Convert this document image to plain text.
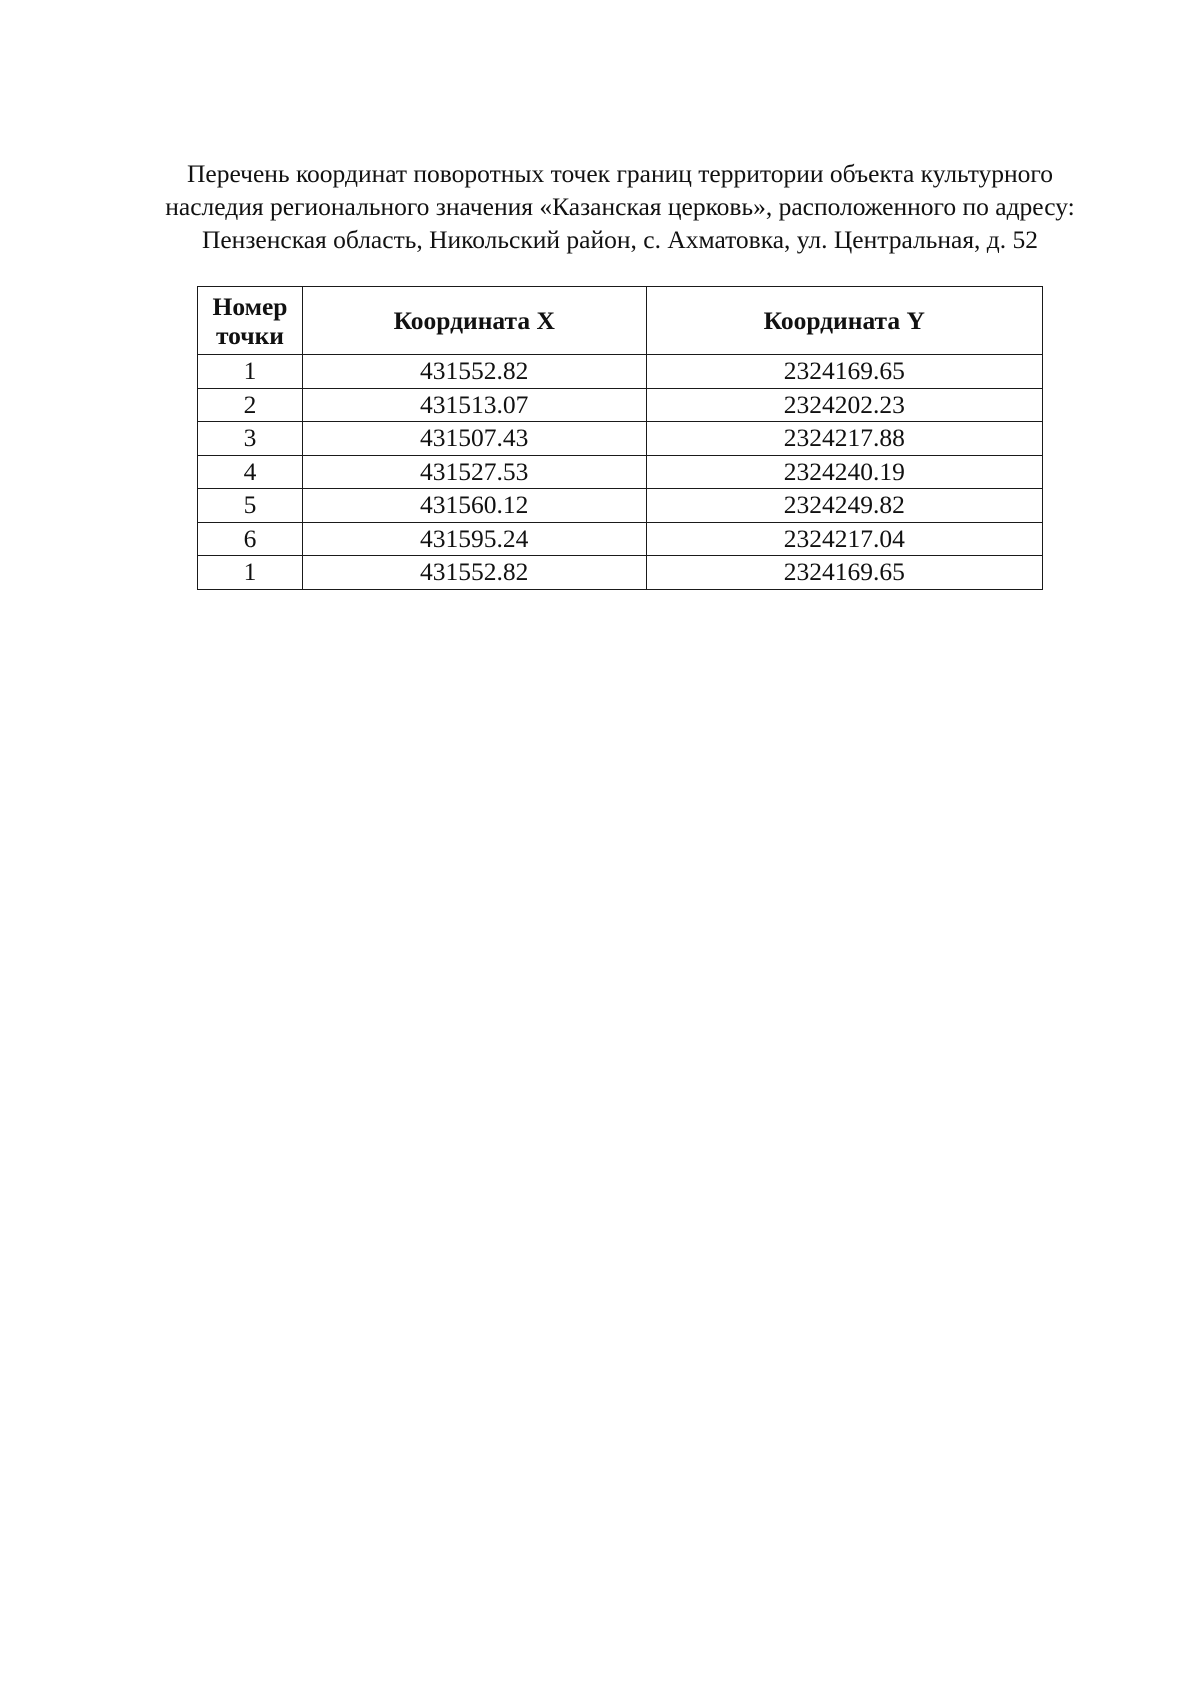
Перечень координат поворотных точек границ территории объекта культурного
наследия регионального значения «Казанская церковь», расположенного по адресу:
Пензенская область, Никольский район, с. Ахматовка, ул. Центральная, д. 52
Номер
точки	Координата X	Координата Y
1	431552.82	2324169.65
2	431513.07	2324202.23
3	431507.43	2324217.88
4	431527.53	2324240.19
5	431560.12	2324249.82
6	431595.24	2324217.04
1	431552.82	2324169.65
